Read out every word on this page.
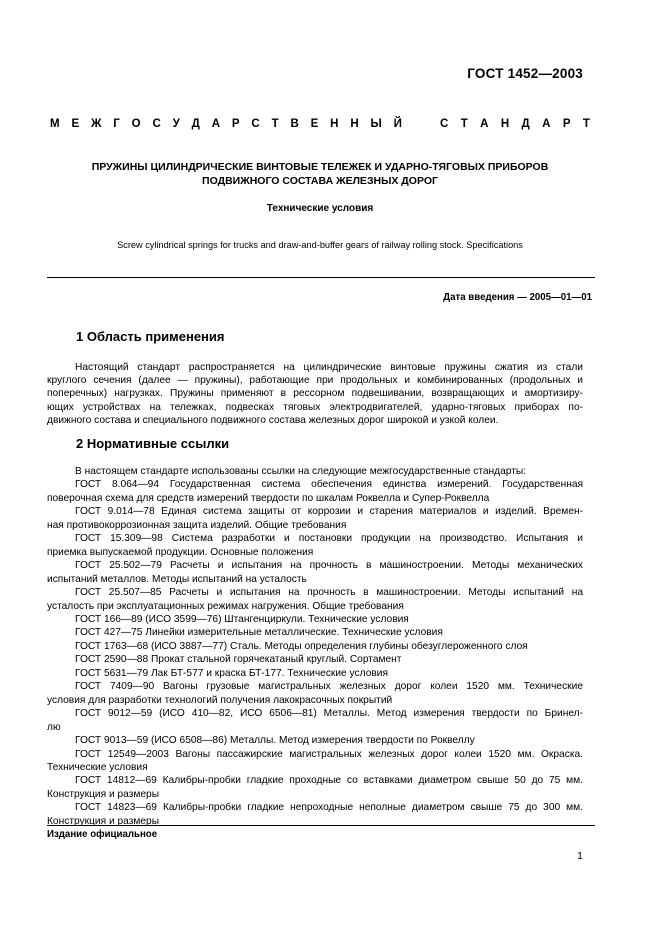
ГОСТ 1452—2003
М Е Ж Г О С У Д А Р С Т В Е Н Н Ы Й	С Т А Н Д А Р Т
ПРУЖИНЫ ЦИЛИНДРИЧЕСКИЕ ВИНТОВЫЕ ТЕЛЕЖЕК И УДАРНО-ТЯГОВЫХ ПРИБОРОВ
ПОДВИЖНОГО СОСТАВА ЖЕЛЕЗНЫХ ДОРОГ
Технические условия
Screw cylindrical springs for trucks and draw-and-buffer gears of railway rolling stock. Specifications
Дата введения — 2005—01—01
1 Область применения
Настоящий стандарт распространяется на цилиндрические винтовые пружины сжатия из стали
круглого сечения (далее — пружины), работающие при продольных и комбинированных (продольных и
поперечных) нагрузках. Пружины применяют в рессорном подвешивании, возвращающих и амортизиру-
ющих устройствах на тележках, подвесках тяговых электродвигателей, ударно-тяговых приборах по-
движного состава и специального подвижного состава железных дорог широкой и узкой колеи.
2 Нормативные ссылки
В настоящем стандарте использованы ссылки на следующие межгосударственные стандарты:
ГОСТ 8.064—94 Государственная система обеспечения единства измерений. Государственная
поверочная схема для средств измерений твердости по шкалам Роквелла и Супер-Роквелла
ГОСТ 9.014—78 Единая система защиты от коррозии и старения материалов и изделий. Времен-
ная противокоррозионная защита изделий. Общие требования
ГОСТ 15.309—98 Система разработки и постановки продукции на производство. Испытания и
приемка выпускаемой продукции. Основные положения
ГОСТ 25.502—79 Расчеты и испытания на прочность в машиностроении. Методы механических
испытаний металлов. Методы испытаний на усталость
ГОСТ 25.507—85 Расчеты и испытания на прочность в машиностроении. Методы испытаний на
усталость при эксплуатационных режимах нагружения. Общие требования
ГОСТ 166—89 (ИСО 3599—76) Штангенциркули. Технические условия
ГОСТ 427—75 Линейки измерительные металлические. Технические условия
ГОСТ 1763—68 (ИСО 3887—77) Сталь. Методы определения глубины обезуглероженного слоя
ГОСТ 2590—88 Прокат стальной горячекатаный круглый. Сортамент
ГОСТ 5631—79 Лак БТ-577 и краска БТ-177. Технические условия
ГОСТ 7409—90 Вагоны грузовые магистральных железных дорог колеи 1520 мм. Технические
условия для разработки технологий получения лакокрасочных покрытий
ГОСТ 9012—59 (ИСО 410—82, ИСО 6506—81) Металлы. Метод измерения твердости по Бринел-
лю
ГОСТ 9013—59 (ИСО 6508—86) Металлы. Метод измерения твердости по Роквеллу
ГОСТ 12549—2003 Вагоны пассажирские магистральных железных дорог колеи 1520 мм. Окраска.
Технические условия
ГОСТ 14812—69 Калибры-пробки гладкие проходные со вставками диаметром свыше 50 до 75 мм.
Конструкция и размеры
ГОСТ 14823—69 Калибры-пробки гладкие непроходные неполные диаметром свыше 75 до 300 мм.
Конструкция и размеры
Издание официальное
1
